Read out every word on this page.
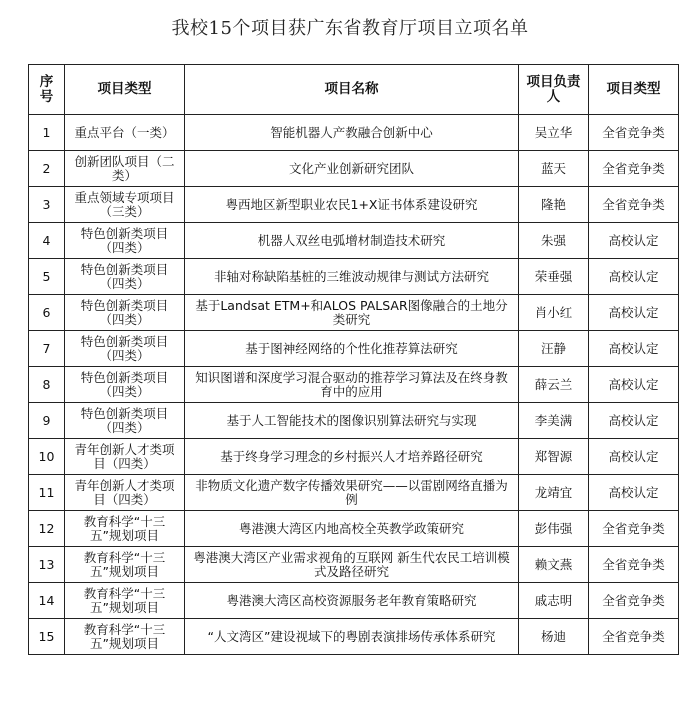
我校15个项目获广东省教育厅项目立项名单
序号	项目类型	项目名称	项目负责人	项目类型
1	重点平台（一类）	智能机器人产教融合创新中心	吴立华	全省竞争类
2	创新团队项目（二类）	文化产业创新研究团队	蓝天	全省竞争类
3	重点领域专项项目（三类）	粤西地区新型职业农民1+X证书体系建设研究	隆艳	全省竞争类
4	特色创新类项目（四类）	机器人双丝电弧增材制造技术研究	朱强	高校认定
5	特色创新类项目（四类）	非轴对称缺陷基桩的三维波动规律与测试方法研究	荣垂强	高校认定
6	特色创新类项目（四类）	基于Landsat ETM+和ALOS PALSAR图像融合的土地分类研究	肖小红	高校认定
7	特色创新类项目（四类）	基于图神经网络的个性化推荐算法研究	汪静	高校认定
8	特色创新类项目（四类）	知识图谱和深度学习混合驱动的推荐学习算法及在终身教育中的应用	薛云兰	高校认定
9	特色创新类项目（四类）	基于人工智能技术的图像识别算法研究与实现	李美满	高校认定
10	青年创新人才类项目（四类）	基于终身学习理念的乡村振兴人才培养路径研究	郑智源	高校认定
11	青年创新人才类项目（四类）	非物质文化遗产数字传播效果研究——以雷剧网络直播为例	龙靖宜	高校认定
12	教育科学“十三五”规划项目	粤港澳大湾区内地高校全英教学政策研究	彭伟强	全省竞争类
13	教育科学“十三五”规划项目	粤港澳大湾区产业需求视角的互联网 新生代农民工培训模式及路径研究	赖文燕	全省竞争类
14	教育科学“十三五”规划项目	粤港澳大湾区高校资源服务老年教育策略研究	戚志明	全省竞争类
15	教育科学“十三五”规划项目	“人文湾区”建设视域下的粤剧表演排场传承体系研究	杨迪	全省竞争类
